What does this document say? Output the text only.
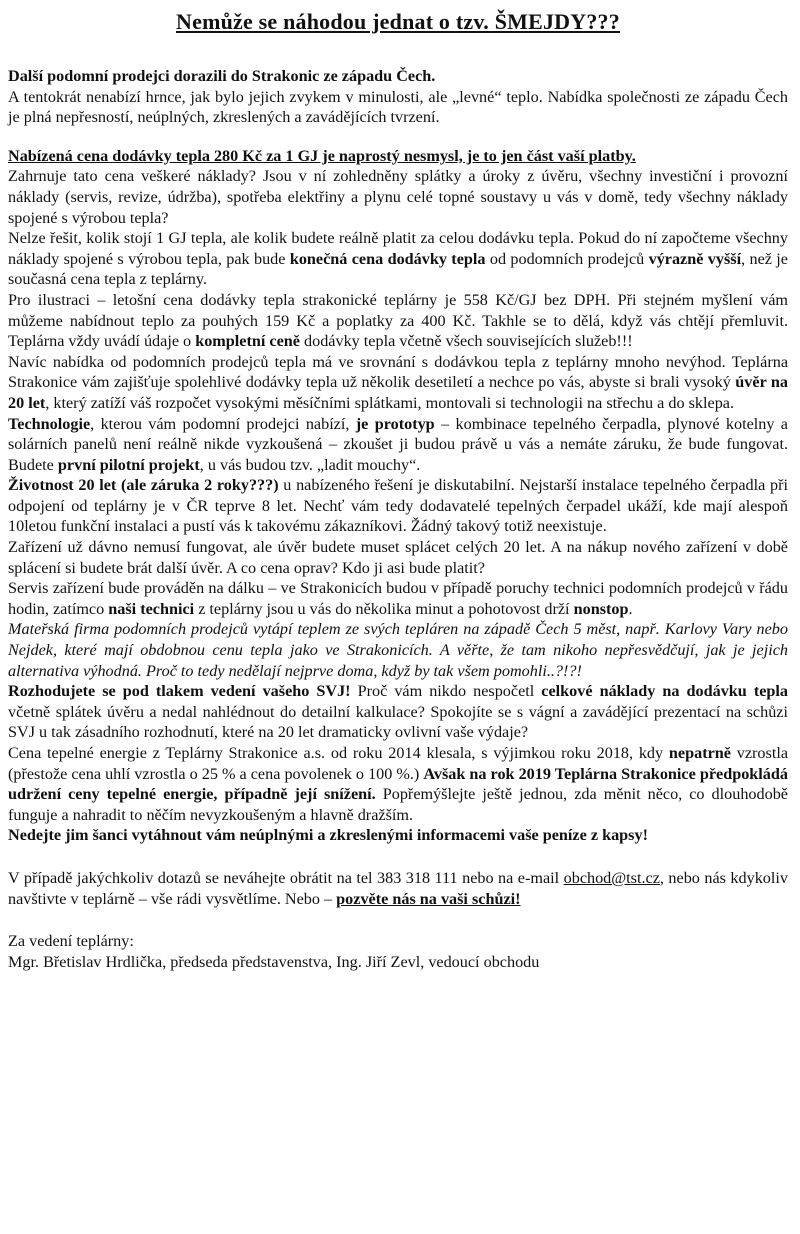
Nemůže se náhodou jednat o tzv. ŠMEJDY???

Další podomní prodejci dorazili do Strakonic ze západu Čech.

A tentokrát nenabízí hrnce, jak bylo jejich zvykem v minulosti, ale „levné“ teplo. Nabídka společnosti ze západu Čech je plná nepřesností, neúplných, zkreslených a zavádějících tvrzení.

Nabízená cena dodávky tepla 280 Kč za 1 GJ je naprostý nesmysl, je to jen část vaší platby.

Zahrnuje tato cena veškeré náklady? Jsou v ní zohledněny splátky a úroky z úvěru, všechny investiční i provozní náklady (servis, revize, údržba), spotřeba elektřiny a plynu celé topné soustavy u vás v domě, tedy všechny náklady spojené s výrobou tepla?

Nelze řešit, kolik stojí 1 GJ tepla, ale kolik budete reálně platit za celou dodávku tepla. Pokud do ní započteme všechny náklady spojené s výrobou tepla, pak bude konečná cena dodávky tepla od podomních prodejců výrazně vyšší, než je současná cena tepla z teplárny.

Pro ilustraci – letošní cena dodávky tepla strakonické teplárny je 558 Kč/GJ bez DPH. Při stejném myšlení vám můžeme nabídnout teplo za pouhých 159 Kč a poplatky za 400 Kč. Takhle se to dělá, když vás chtějí přemluvit. Teplárna vždy uvádí údaje o kompletní ceně dodávky tepla včetně všech souvisejících služeb!!!

Navíc nabídka od podomních prodejců tepla má ve srovnání s dodávkou tepla z teplárny mnoho nevýhod. Teplárna Strakonice vám zajišťuje spolehlivé dodávky tepla už několik desetiletí a nechce po vás, abyste si brali vysoký úvěr na 20 let, který zatíží váš rozpočet vysokými měsíčními splátkami, montovali si technologii na střechu a do sklepa.

Technologie, kterou vám podomní prodejci nabízí, je prototyp – kombinace tepelného čerpadla, plynové kotelny a solárních panelů není reálně nikde vyzkoušená – zkoušet ji budou právě u vás a nemáte záruku, že bude fungovat. Budete první pilotní projekt, u vás budou tzv. „ladit mouchy“.

Životnost 20 let (ale záruka 2 roky???) u nabízeného řešení je diskutabilní. Nejstarší instalace tepelného čerpadla při odpojení od teplárny je v ČR teprve 8 let. Nechť vám tedy dodavatelé tepelných čerpadel ukáží, kde mají alespoň 10letou funkční instalaci a pustí vás k takovému zákazníkovi. Žádný takový totiž neexistuje.

Zařízení už dávno nemusí fungovat, ale úvěr budete muset splácet celých 20 let. A na nákup nového zařízení v době splácení si budete brát další úvěr. A co cena oprav? Kdo ji asi bude platit?

Servis zařízení bude prováděn na dálku – ve Strakonicích budou v případě poruchy technici podomních prodejců v řádu hodin, zatímco naši technici z teplárny jsou u vás do několika minut a pohotovost drží nonstop.

Mateřská firma podomních prodejců vytápí teplem ze svých tepláren na západě Čech 5 měst, např. Karlovy Vary nebo Nejdek, které mají obdobnou cenu tepla jako ve Strakonicích. A věřte, že tam nikoho nepřesvědčují, jak je jejich alternativa výhodná. Proč to tedy nedělají nejprve doma, když by tak všem pomohli..?!?!

Rozhodujete se pod tlakem vedení vašeho SVJ! Proč vám nikdo nespočetl celkové náklady na dodávku tepla včetně splátek úvěru a nedal nahlédnout do detailní kalkulace? Spokojíte se s vágní a zavádějící prezentací na schůzi SVJ u tak zásadního rozhodnutí, které na 20 let dramaticky ovlivní vaše výdaje?

Cena tepelné energie z Teplárny Strakonice a.s. od roku 2014 klesala, s výjimkou roku 2018, kdy nepatrně vzrostla (přestože cena uhlí vzrostla o 25 % a cena povolenek o 100 %.) Avšak na rok 2019 Teplárna Strakonice předpokládá udržení ceny tepelné energie, případně její snížení. Popřemýšlejte ještě jednou, zda měnit něco, co dlouhodobě funguje a nahradit to něčím nevyzkoušeným a hlavně dražším.

Nedejte jim šanci vytáhnout vám neúplnými a zkreslenými informacemi vaše peníze z kapsy!

V případě jakýchkoliv dotazů se neváhejte obrátit na tel 383 318 111 nebo na e-mail obchod@tst.cz, nebo nás kdykoliv navštivte v teplárně – vše rádi vysvětlíme. Nebo – pozvěte nás na vaši schůzi!

Za vedení teplárny:

Mgr. Břetislav Hrdlička, předseda představenstva, Ing. Jiří Zevl, vedoucí obchodu
